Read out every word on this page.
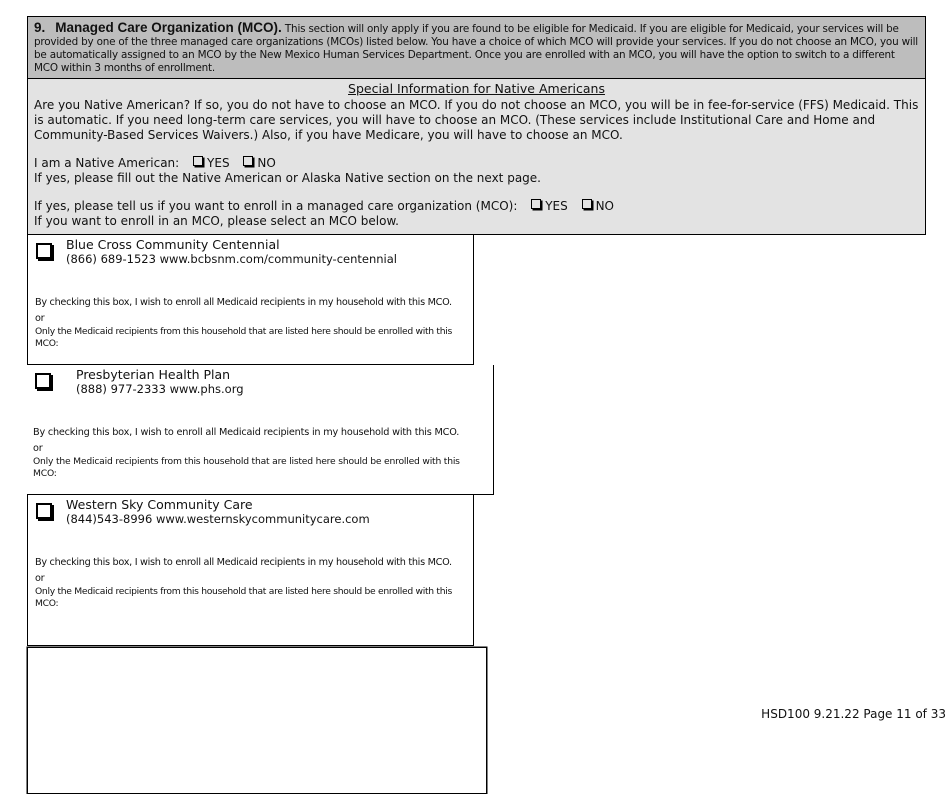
9. Managed Care Organization (MCO). This section will only apply if you are found to be eligible for Medicaid. If you are eligible for Medicaid, your services will be provided by one of the three managed care organizations (MCOs) listed below. You have a choice of which MCO will provide your services. If you do not choose an MCO, you will be automatically assigned to an MCO by the New Mexico Human Services Department. Once you are enrolled with an MCO, you will have the option to switch to a different MCO within 3 months of enrollment.
Special Information for Native Americans

Are you Native American? If so, you do not have to choose an MCO. If you do not choose an MCO, you will be in fee-for-service (FFS) Medicaid. This is automatic. If you need long-term care services, you will have to choose an MCO. (These services include Institutional Care and Home and Community-Based Services Waivers.) Also, if you have Medicare, you will have to choose an MCO.

I am a Native American: YES NO

If yes, please fill out the Native American or Alaska Native section on the next page.

If yes, please tell us if you want to enroll in a managed care organization (MCO): YES NO

If you want to enroll in an MCO, please select an MCO below.

Blue Cross Community Centennial
(866) 689-1523 www.bcbsnm.com/community-centennial
By checking this box, I wish to enroll all Medicaid recipients in my household with this MCO.
or
Only the Medicaid recipients from this household that are listed here should be enrolled with this MCO:
Presbyterian Health Plan
(888) 977-2333 www.phs.org
By checking this box, I wish to enroll all Medicaid recipients in my household with this MCO.
or
Only the Medicaid recipients from this household that are listed here should be enrolled with this MCO:
Western Sky Community Care
(844)543-8996 www.westernskycommunitycare.com
By checking this box, I wish to enroll all Medicaid recipients in my household with this MCO.
or
Only the Medicaid recipients from this household that are listed here should be enrolled with this MCO:
HSD100 9.21.22 Page 11 of 33
